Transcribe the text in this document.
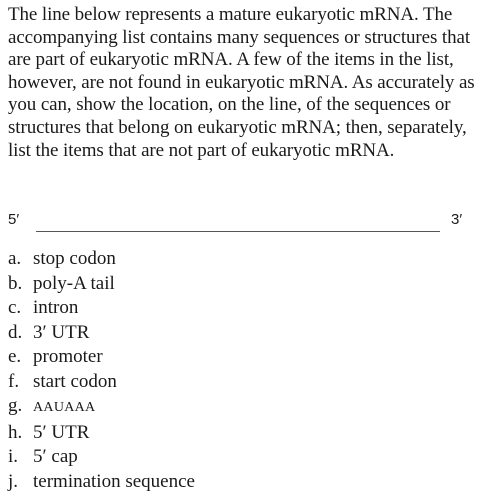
The line below represents a mature eukaryotic mRNA. The accompanying list contains many sequences or structures that are part of eukaryotic mRNA. A few of the items in the list, however, are not found in eukaryotic mRNA. As accurately as you can, show the location, on the line, of the sequences or structures that belong on eukaryotic mRNA; then, separately, list the items that are not part of eukaryotic mRNA.

5′	3′
a. stop codon
b. poly-A tail
c. intron
d. 3′ UTR
e. promoter
f. start codon
g. AAUAAA
h. 5′ UTR
i. 5′ cap
j. termination sequence
